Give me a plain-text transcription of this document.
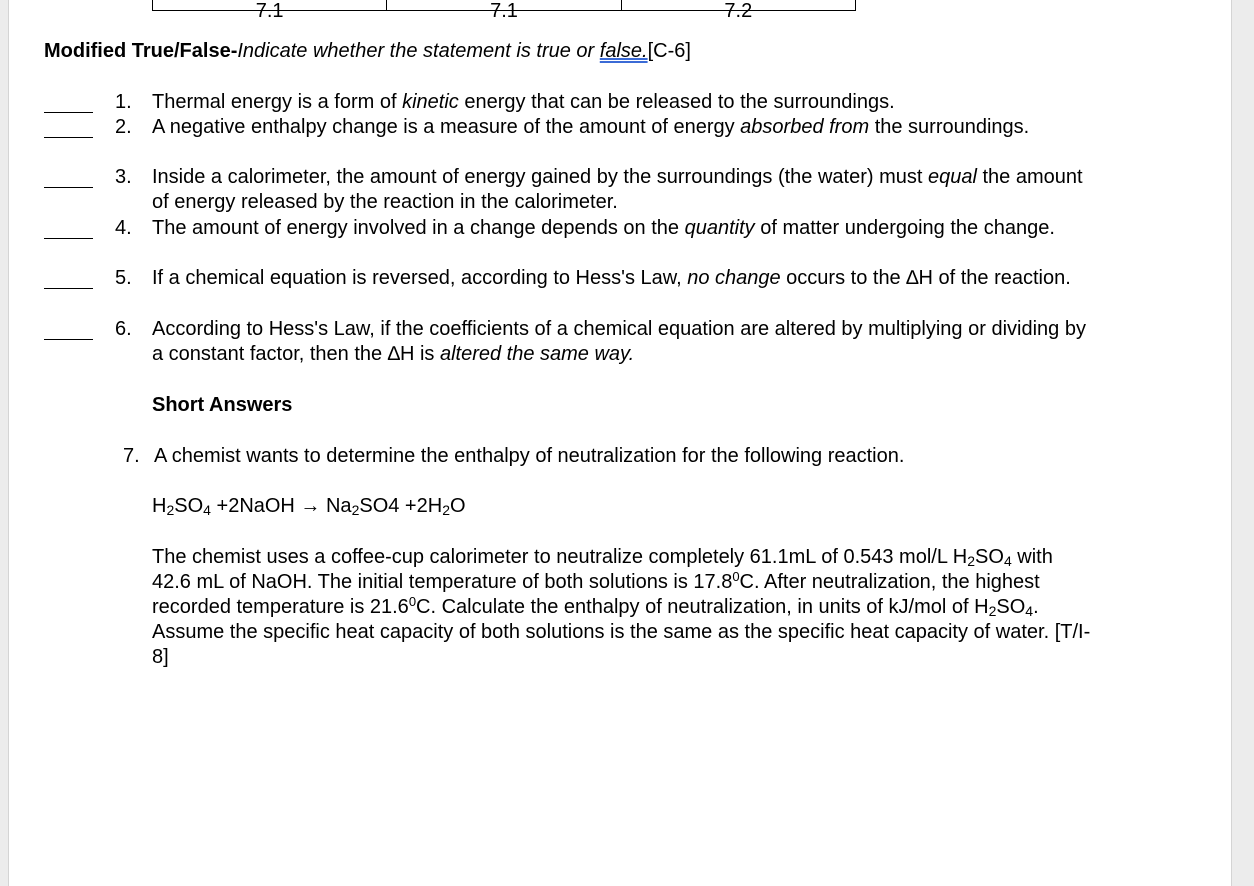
7.1	7.1	7.2
Modified True/False-Indicate whether the statement is true or false.[C-6]
1. Thermal energy is a form of kinetic energy that can be released to the surroundings.
2. A negative enthalpy change is a measure of the amount of energy absorbed from the surroundings.
3. Inside a calorimeter, the amount of energy gained by the surroundings (the water) must equal the amount of energy released by the reaction in the calorimeter.
4. The amount of energy involved in a change depends on the quantity of matter undergoing the change.
5. If a chemical equation is reversed, according to Hess's Law, no change occurs to the ∆H of the reaction.
6. According to Hess's Law, if the coefficients of a chemical equation are altered by multiplying or dividing by a constant factor, then the ∆H is altered the same way.
Short Answers
7. A chemist wants to determine the enthalpy of neutralization for the following reaction.
$H_2SO_4$ +2NaOH → $Na_2SO4 +2H_2O$
The chemist uses a coffee-cup calorimeter to neutralize completely 61.1mL of 0.543 mol/L $H_2SO_4$ with 42.6 mL of NaOH. The initial temperature of both solutions is 17.8$^0$C. After neutralization, the highest recorded temperature is 21.6$^0$C. Calculate the enthalpy of neutralization, in units of kJ/mol of $H_2SO_4$. Assume the specific heat capacity of both solutions is the same as the specific heat capacity of water. [T/I-8]
